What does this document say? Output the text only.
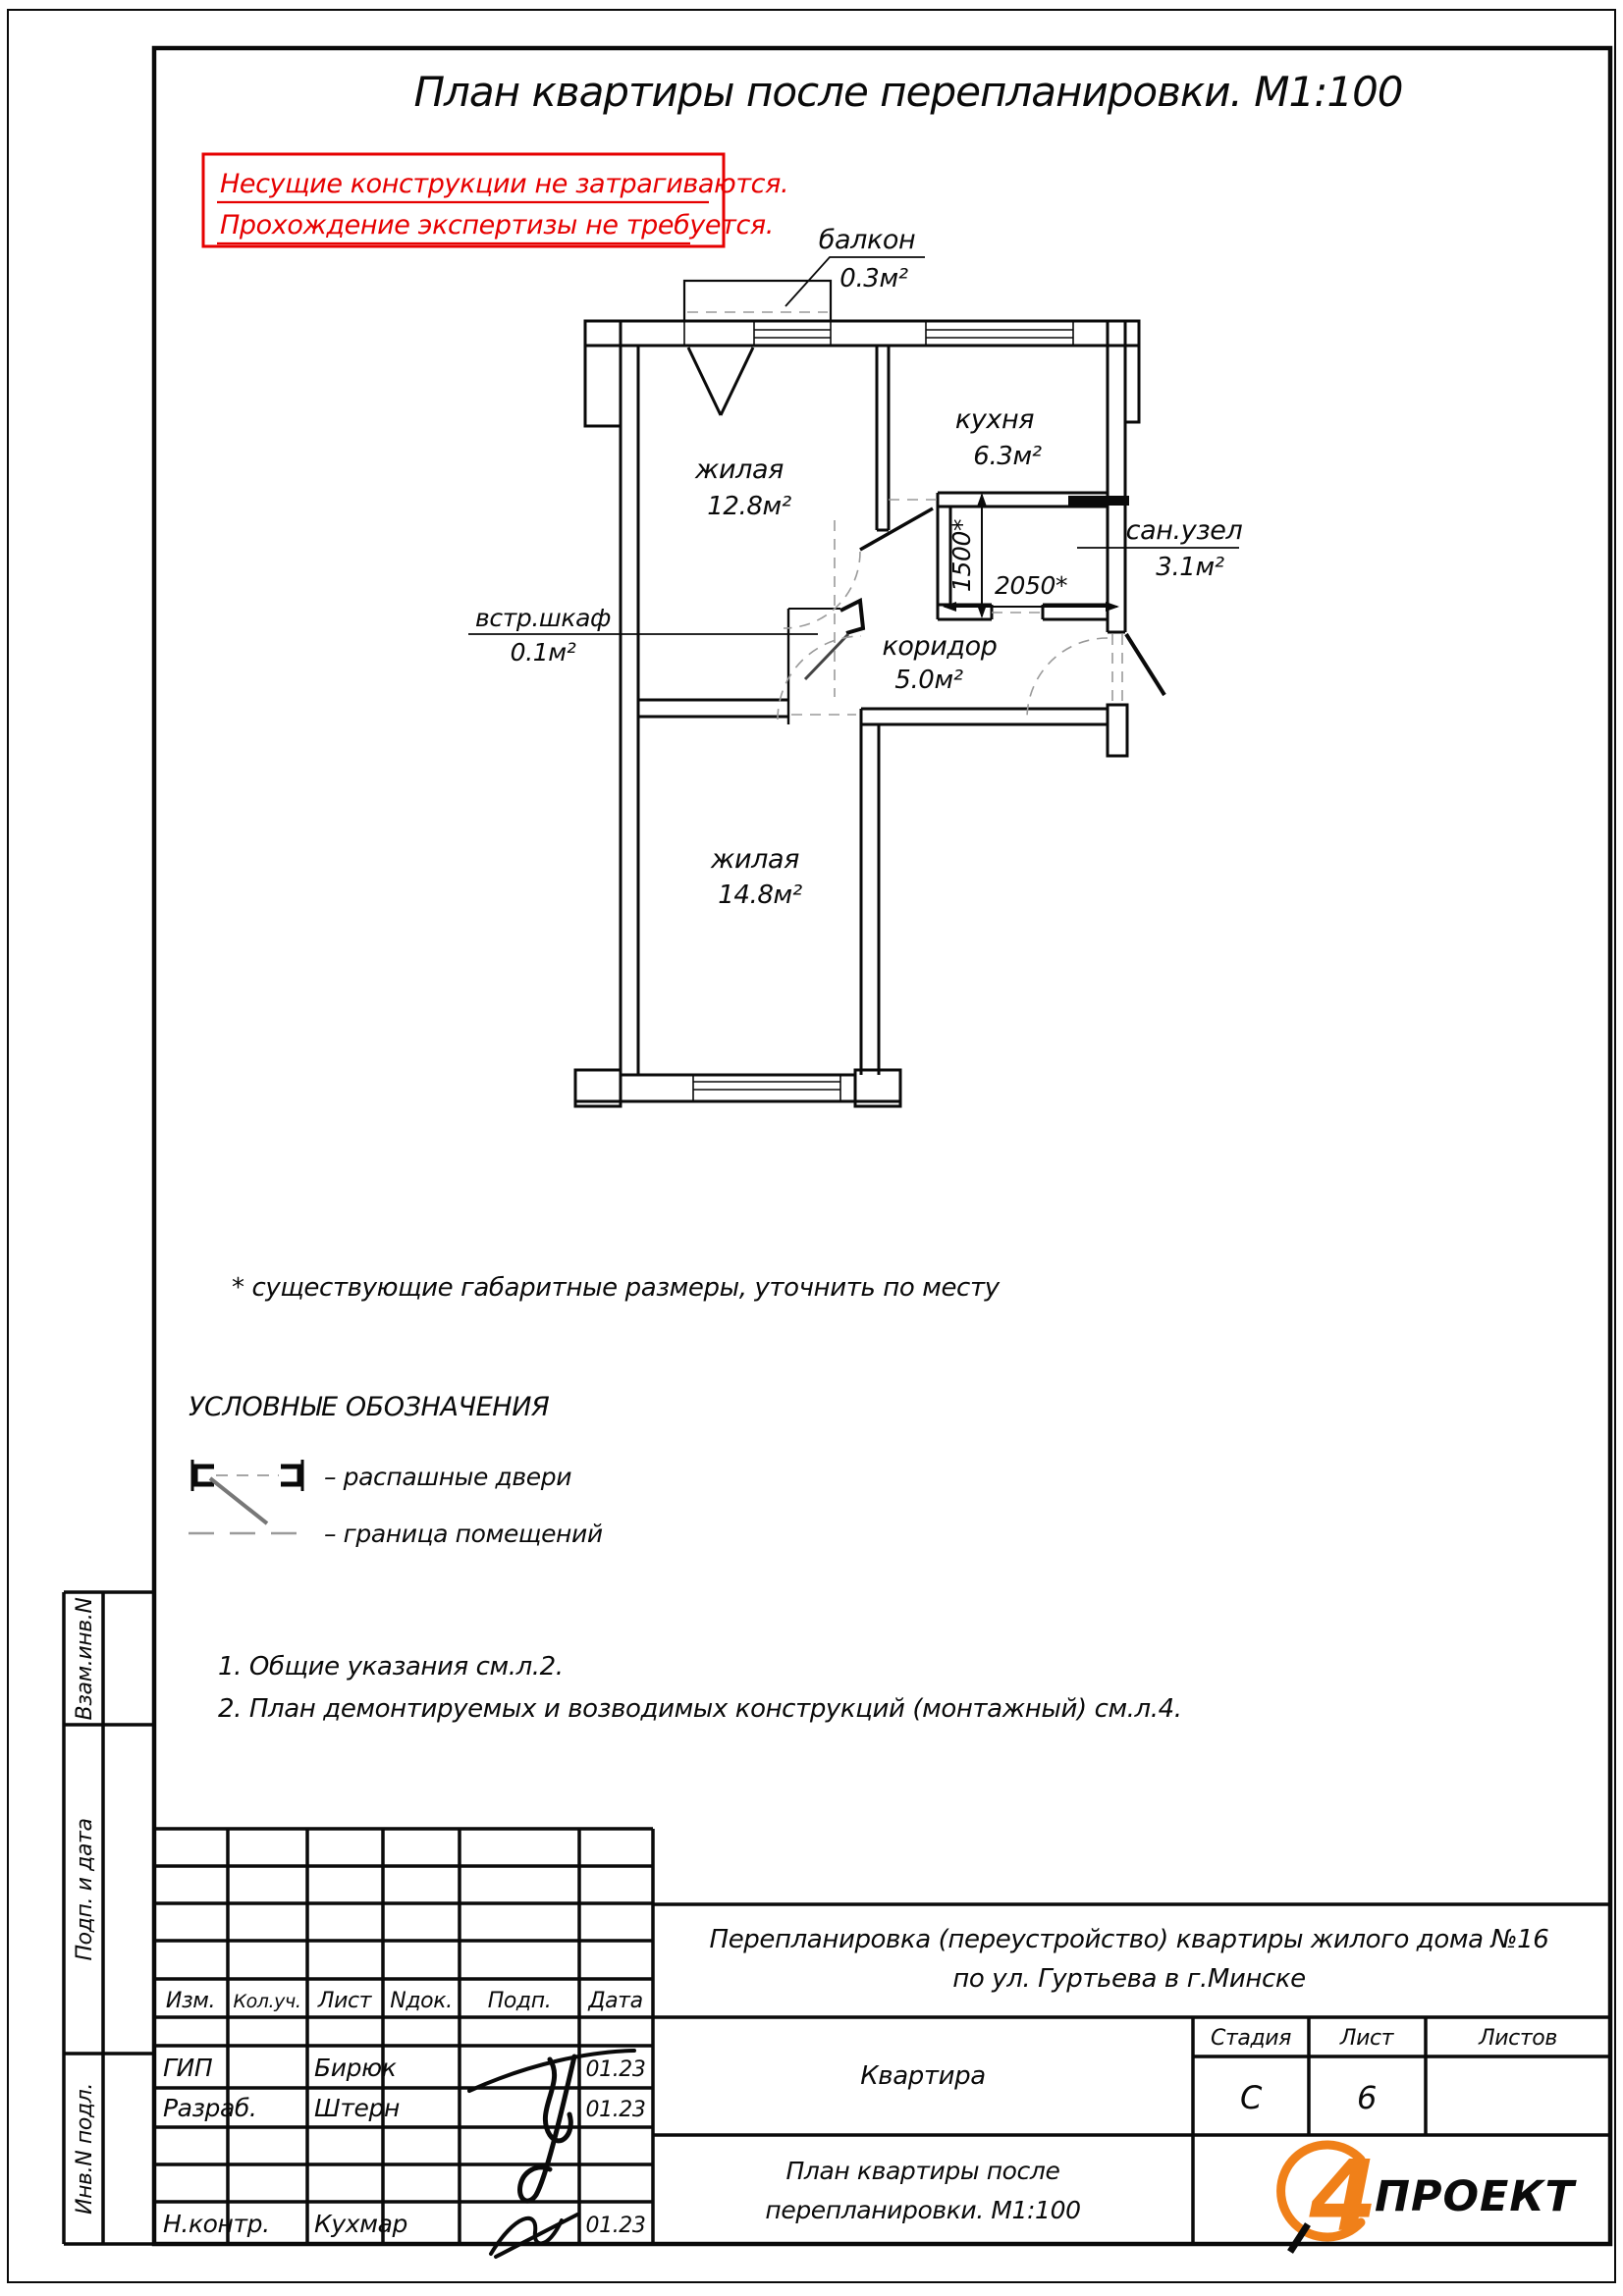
План квартиры после перепланировки. М1:100
Несущие конструкции не затрагиваются.
Прохождение экспертизы не требуется. балкон
0.3м²
жилая
12.8м²
кухня
6.3м²
сан.узел
3.1м²
коридор
5.0м²
встр.шкаф
0.1м²
жилая
14.8м²
1500* 2050*
* существующие габаритные размеры, уточнить по месту
УСЛОВНЫЕ ОБОЗНАЧЕНИЯ
– распашные двери
– граница помещений
1. Общие указания см.л.2.
2. План демонтируемых и возводимых конструкций (монтажный) см.л.4.
Взам.инв.N
Подп. и дата
Инв.N подл.
Изм. Кол.уч. Лист Nдок. Подп. Дата
ГИП	Бирюк	01.23
Разраб. Штерн	01.23
Н.контр. Кухмар	01.23
Перепланировка (переустройство) квартиры жилого дома №16
по ул. Гуртьева в г.Минске
Квартира
Стадия Лист	Листов
С	6
План квартиры после
перепланировки. М1:100 4
ПРОЕКТ
